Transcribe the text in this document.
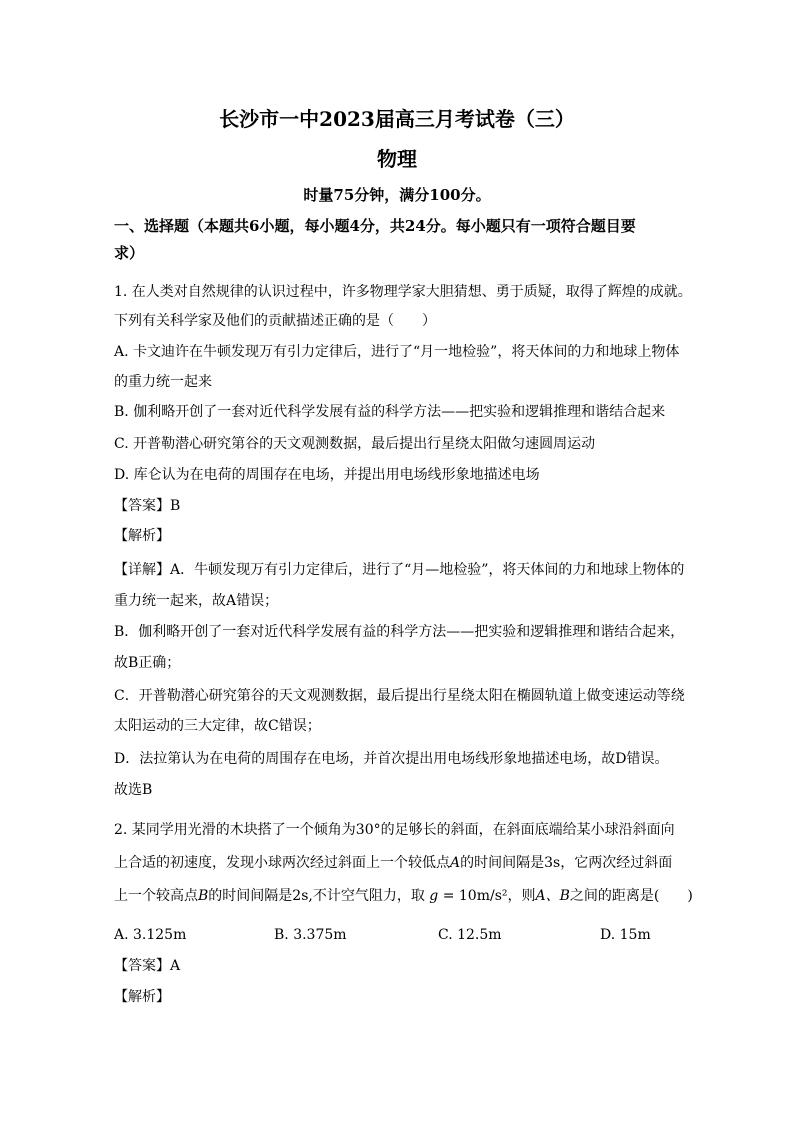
长沙市一中2023届高三月考试卷（三）
物理
时量75分钟，满分100分。
一、选择题（本题共6小题，每小题4分，共24分。每小题只有一项符合题目要
求）
1. 在人类对自然规律的认识过程中，许多物理学家大胆猜想、勇于质疑，取得了辉煌的成就。
下列有关科学家及他们的贡献描述正确的是（　　）
A. 卡文迪许在牛顿发现万有引力定律后，进行了“月一地检验”，将天体间的力和地球上物体
的重力统一起来
B. 伽利略开创了一套对近代科学发展有益的科学方法——把实验和逻辑推理和谐结合起来
C. 开普勒潜心研究第谷的天文观测数据，最后提出行星绕太阳做匀速圆周运动
D. 库仑认为在电荷的周围存在电场，并提出用电场线形象地描述电场
【答案】B
【解析】
【详解】A．牛顿发现万有引力定律后，进行了“月—地检验”，将天体间的力和地球上物体的
重力统一起来，故A错误；
B．伽利略开创了一套对近代科学发展有益的科学方法——把实验和逻辑推理和谐结合起来，
故B正确；
C．开普勒潜心研究第谷的天文观测数据，最后提出行星绕太阳在椭圆轨道上做变速运动等绕
太阳运动的三大定律，故C错误；
D．法拉第认为在电荷的周围存在电场，并首次提出用电场线形象地描述电场，故D错误。
故选B
2. 某同学用光滑的木块搭了一个倾角为30°的足够长的斜面，在斜面底端给某小球沿斜面向
上合适的初速度，发现小球两次经过斜面上一个较低点A的时间间隔是3s，它两次经过斜面
上一个较高点B的时间间隔是2s,不计空气阻力，取 g = 10m/s²，则A、B之间的距离是(　　)
A. 3.125m	B. 3.375m	C. 12.5m	D. 15m
【答案】A
【解析】
